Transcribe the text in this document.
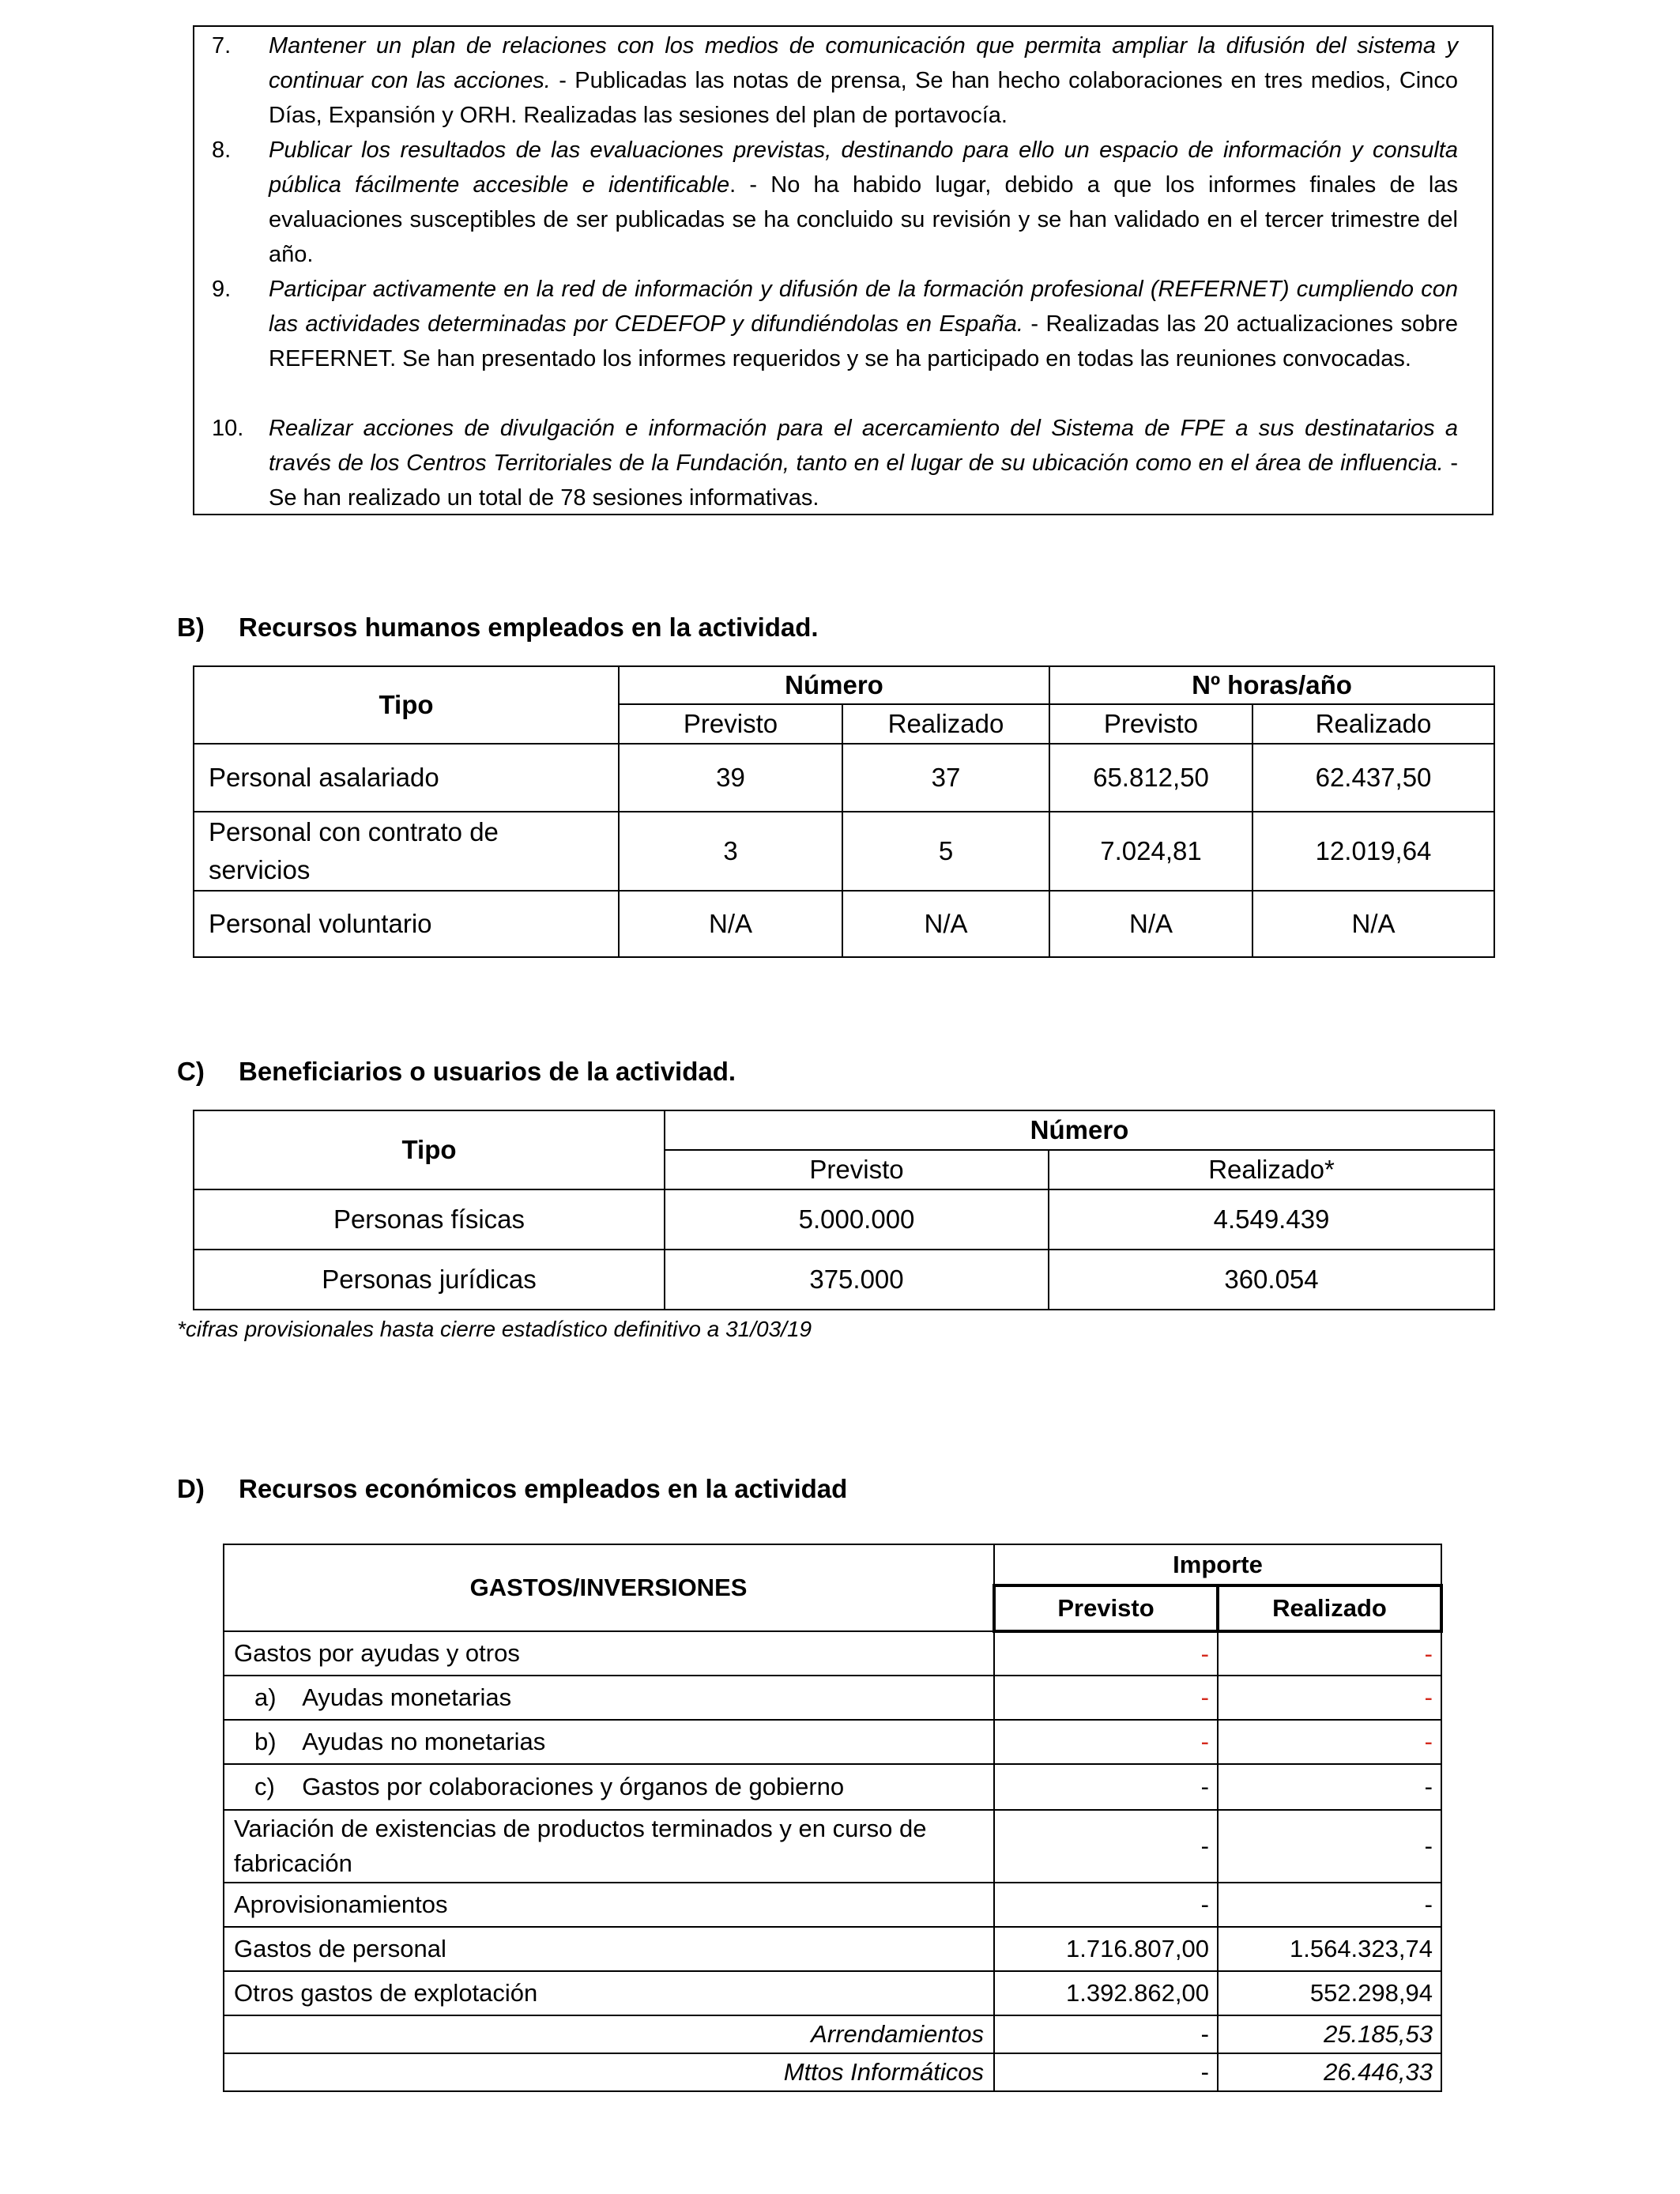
7.	Mantener un plan de relaciones con los medios de comunicación que permita ampliar la difusión del sistema y continuar con las acciones. - Publicadas las notas de prensa, Se han hecho colaboraciones en tres medios, Cinco Días, Expansión y ORH. Realizadas las sesiones del plan de portavocía.
8.	Publicar los resultados de las evaluaciones previstas, destinando para ello un espacio de información y consulta pública fácilmente accesible e identificable. - No ha habido lugar, debido a que los informes finales de las evaluaciones susceptibles de ser publicadas se ha concluido su revisión y se han validado en el tercer trimestre del año.
9.	Participar activamente en la red de información y difusión de la formación profesional (REFERNET) cumpliendo con las actividades determinadas por CEDEFOP y difundiéndolas en España. - Realizadas las 20 actualizaciones sobre REFERNET. Se han presentado los informes requeridos y se ha participado en todas las reuniones convocadas.
10.	Realizar acciones de divulgación e información para el acercamiento del Sistema de FPE a sus destinatarios a través de los Centros Territoriales de la Fundación, tanto en el lugar de su ubicación como en el área de influencia. - Se han realizado un total de 78 sesiones informativas.
B) Recursos humanos empleados en la actividad.
Tipo	Número		Nº horas/año	
	Previsto	Realizado	Previsto	Realizado
Personal asalariado	39	37	65.812,50	62.437,50
Personal con contrato de servicios	3	5	7.024,81	12.019,64
Personal voluntario	N/A	N/A	N/A	N/A
C) Beneficiarios o usuarios de la actividad.
Tipo	Número	
	Previsto	Realizado*
Personas físicas	5.000.000	4.549.439
Personas jurídicas	375.000	360.054
*cifras provisionales hasta cierre estadístico definitivo a 31/03/19
D) Recursos económicos empleados en la actividad
GASTOS/INVERSIONES	Importe	
	Previsto	Realizado
Gastos por ayudas y otros	-	-
a)    Ayudas monetarias	-	-
b)    Ayudas no monetarias	-	-
c)    Gastos por colaboraciones y órganos de gobierno	-	-
Variación de existencias de productos terminados y en curso de fabricación	-	-
Aprovisionamientos	-	-
Gastos de personal	1.716.807,00	1.564.323,74
Otros gastos de explotación	1.392.862,00	552.298,94
Arrendamientos	-	25.185,53
Mttos Informáticos	-	26.446,33
